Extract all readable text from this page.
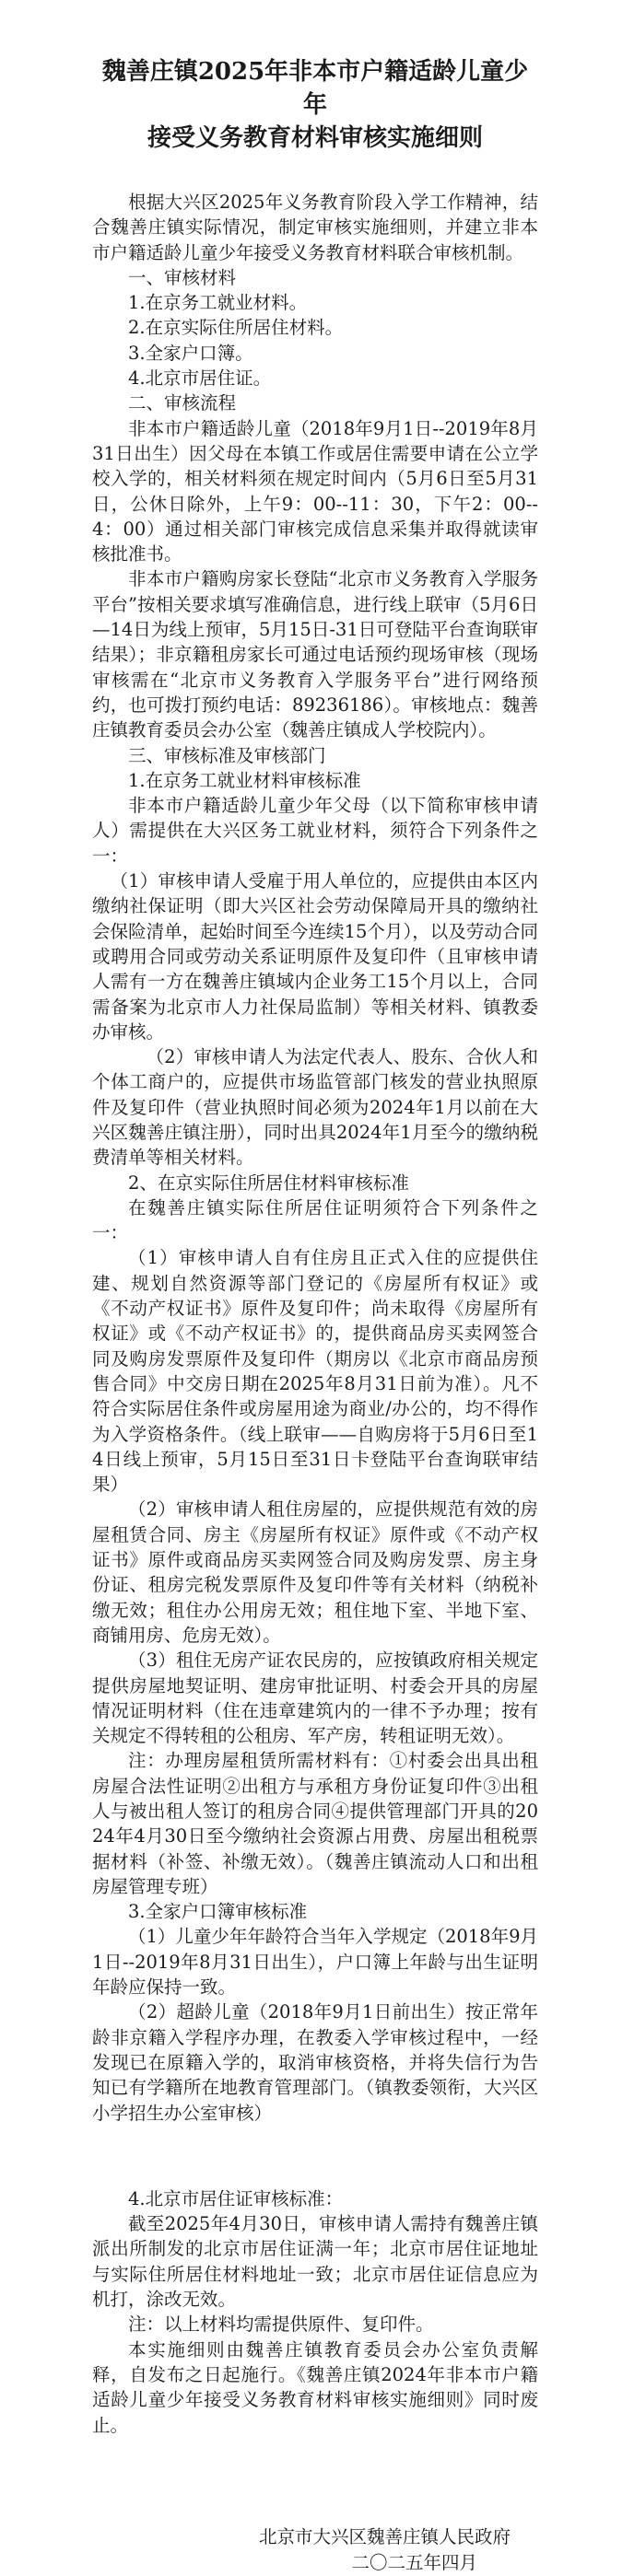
魏善庄镇2025年非本市户籍适龄儿童少年
接受义务教育材料审核实施细则

根据大兴区2025年义务教育阶段入学工作精神，结合魏善庄镇实际情况，制定审核实施细则，并建立非本市户籍适龄儿童少年接受义务教育材料联合审核机制。

一、审核材料

1.在京务工就业材料。

2.在京实际住所居住材料。

3.全家户口簿。

4.北京市居住证。

二、审核流程

非本市户籍适龄儿童（2018年9月1日--2019年8月31日出生）因父母在本镇工作或居住需要申请在公立学校入学的，相关材料须在规定时间内（5月6日至5月31日，公休日除外，上午9：00--11：30，下午2：00--4：00）通过相关部门审核完成信息采集并取得就读审核批准书。

非本市户籍购房家长登陆“北京市义务教育入学服务平台”按相关要求填写准确信息，进行线上联审（5月6日—14日为线上预审，5月15日-31日可登陆平台查询联审结果）；非京籍租房家长可通过电话预约现场审核（现场审核需在“北京市义务教育入学服务平台”进行网络预约，也可拨打预约电话：89236186）。审核地点：魏善庄镇教育委员会办公室（魏善庄镇成人学校院内）。

三、审核标准及审核部门

1.在京务工就业材料审核标准

非本市户籍适龄儿童少年父母（以下简称审核申请人）需提供在大兴区务工就业材料，须符合下列条件之一：

（1）审核申请人受雇于用人单位的，应提供由本区内缴纳社保证明（即大兴区社会劳动保障局开具的缴纳社会保险清单，起始时间至今连续15个月），以及劳动合同或聘用合同或劳动关系证明原件及复印件（且审核申请人需有一方在魏善庄镇域内企业务工15个月以上，合同需备案为北京市人力社保局监制）等相关材料、镇教委办审核。

（2）审核申请人为法定代表人、股东、合伙人和个体工商户的，应提供市场监管部门核发的营业执照原件及复印件（营业执照时间必须为2024年1月以前在大兴区魏善庄镇注册），同时出具2024年1月至今的缴纳税费清单等相关材料。

2、在京实际住所居住材料审核标准

在魏善庄镇实际住所居住证明须符合下列条件之一：

（1）审核申请人自有住房且正式入住的应提供住建、规划自然资源等部门登记的《房屋所有权证》或《不动产权证书》原件及复印件；尚未取得《房屋所有权证》或《不动产权证书》的，提供商品房买卖网签合同及购房发票原件及复印件（期房以《北京市商品房预售合同》中交房日期在2025年8月31日前为准）。凡不符合实际居住条件或房屋用途为商业/办公的，均不得作为入学资格条件。（线上联审——自购房将于5月6日至14日线上预审，5月15日至31日卡登陆平台查询联审结果）

（2）审核申请人租住房屋的，应提供规范有效的房屋租赁合同、房主《房屋所有权证》原件或《不动产权证书》原件或商品房买卖网签合同及购房发票、房主身份证、租房完税发票原件及复印件等有关材料（纳税补缴无效；租住办公用房无效；租住地下室、半地下室、商铺用房、危房无效）。

（3）租住无房产证农民房的，应按镇政府相关规定提供房屋地契证明、建房审批证明、村委会开具的房屋情况证明材料（住在违章建筑内的一律不予办理；按有关规定不得转租的公租房、军产房，转租证明无效）。

注：办理房屋租赁所需材料有：①村委会出具出租房屋合法性证明②出租方与承租方身份证复印件③出租人与被出租人签订的租房合同④提供管理部门开具的2024年4月30日至今缴纳社会资源占用费、房屋出租税票据材料（补签、补缴无效）。（魏善庄镇流动人口和出租房屋管理专班）

3.全家户口簿审核标准

（1）儿童少年年龄符合当年入学规定（2018年9月1日--2019年8月31日出生），户口簿上年龄与出生证明年龄应保持一致。

（2）超龄儿童（2018年9月1日前出生）按正常年龄非京籍入学程序办理，在教委入学审核过程中，一经发现已在原籍入学的，取消审核资格，并将失信行为告知已有学籍所在地教育管理部门。（镇教委领衔，大兴区小学招生办公室审核）

4.北京市居住证审核标准：

截至2025年4月30日，审核申请人需持有魏善庄镇派出所制发的北京市居住证满一年；北京市居住证地址与实际住所居住材料地址一致；北京市居住证信息应为机打，涂改无效。

注：以上材料均需提供原件、复印件。

本实施细则由魏善庄镇教育委员会办公室负责解释，自发布之日起施行。《魏善庄镇2024年非本市户籍适龄儿童少年接受义务教育材料审核实施细则》同时废止。

北京市大兴区魏善庄镇人民政府
二〇二五年四月
